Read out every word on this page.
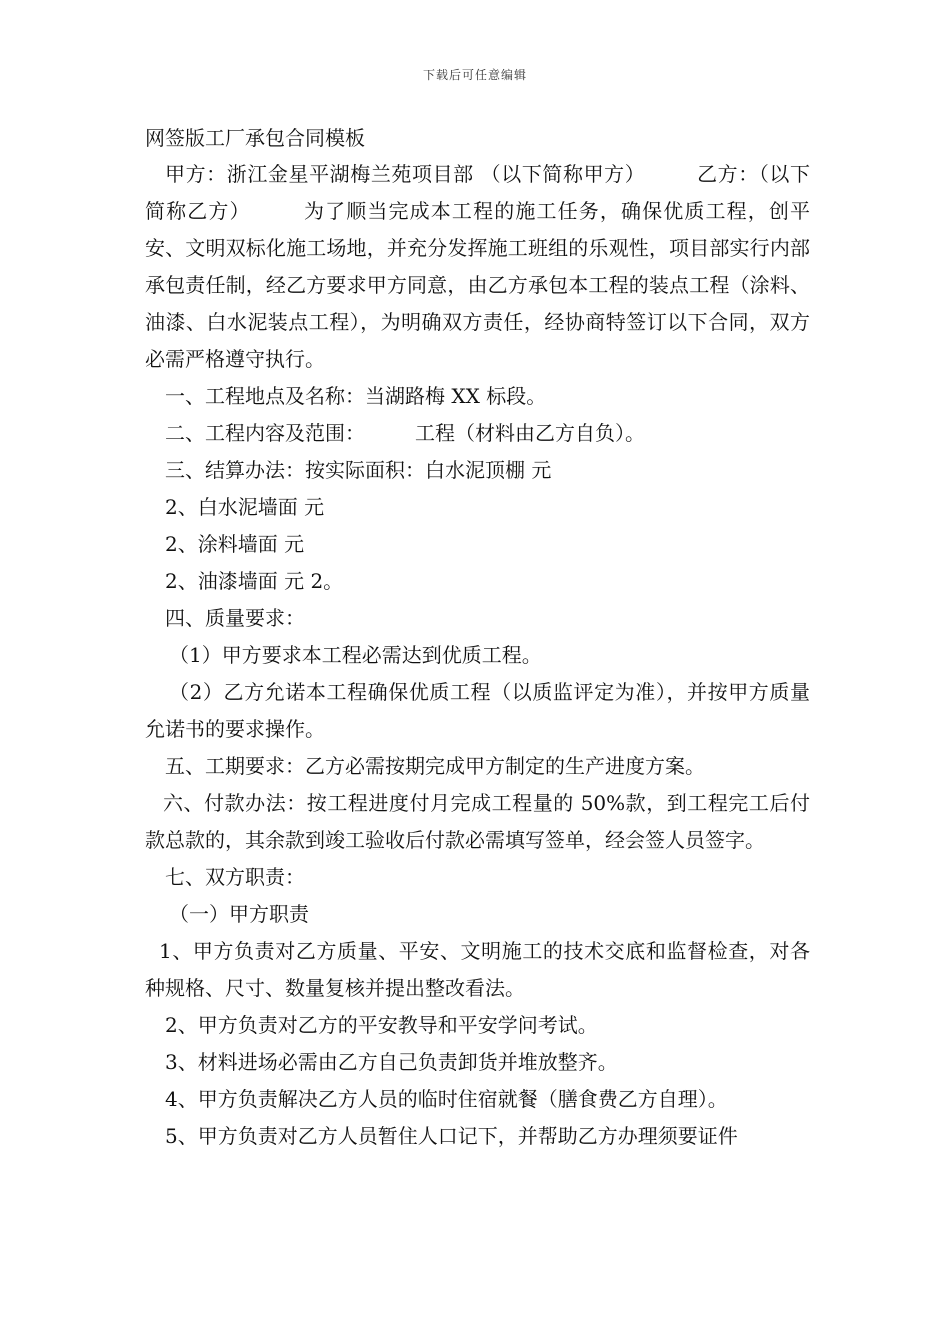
下载后可任意编辑
网签版工厂承包合同模板

甲方：浙江金星平湖梅兰苑项目部 （以下简称甲方）　　　乙方：（以下简称乙方）　　　为了顺当完成本工程的施工任务，确保优质工程，创平安、文明双标化施工场地，并充分发挥施工班组的乐观性，项目部实行内部承包责任制，经乙方要求甲方同意，由乙方承包本工程的装点工程（涂料、油漆、白水泥装点工程），为明确双方责任，经协商特签订以下合同，双方必需严格遵守执行。

一、工程地点及名称：当湖路梅 XX 标段。

二、工程内容及范围：　　　工程（材料由乙方自负）。

三、结算办法：按实际面积：白水泥顶棚 元

2、白水泥墙面 元

2、涂料墙面 元

2、油漆墙面 元 2。

四、质量要求：

（1）甲方要求本工程必需达到优质工程。

（2）乙方允诺本工程确保优质工程（以质监评定为准），并按甲方质量允诺书的要求操作。

五、工期要求：乙方必需按期完成甲方制定的生产进度方案。

六、付款办法：按工程进度付月完成工程量的 50%款，到工程完工后付款总款的，其余款到竣工验收后付款必需填写签单，经会签人员签字。

七、双方职责：

（一）甲方职责

1、甲方负责对乙方质量、平安、文明施工的技术交底和监督检查，对各种规格、尺寸、数量复核并提出整改看法。

2、甲方负责对乙方的平安教导和平安学问考试。

3、材料进场必需由乙方自己负责卸货并堆放整齐。

4、甲方负责解决乙方人员的临时住宿就餐（膳食费乙方自理）。

5、甲方负责对乙方人员暂住人口记下，并帮助乙方办理须要证件
